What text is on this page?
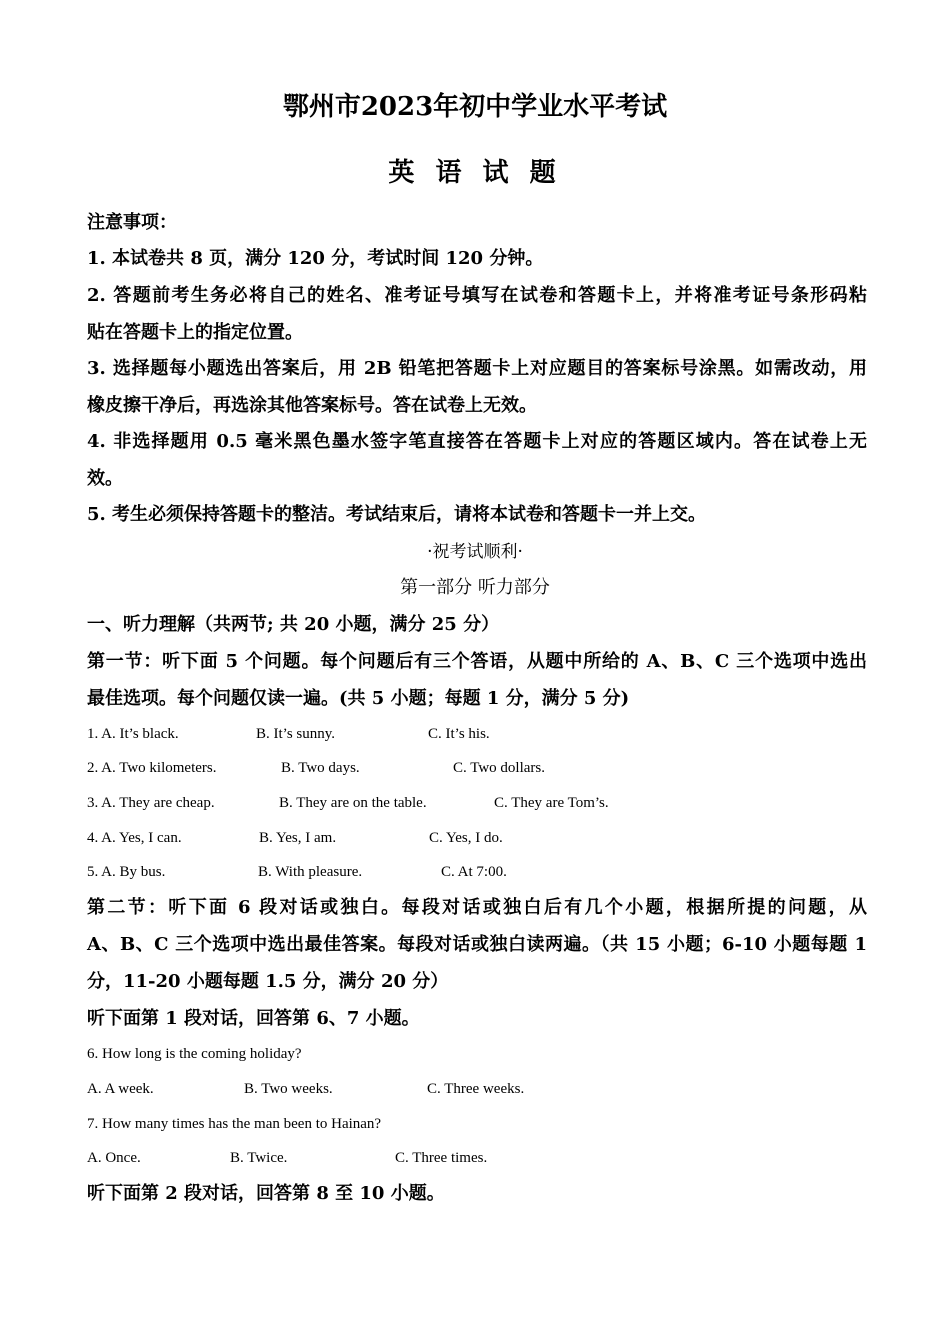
鄂州市2023年初中学业水平考试
英 语 试 题
注意事项：
1. 本试卷共 8 页，满分 120 分，考试时间 120 分钟。
2. 答题前考生务必将自己的姓名、准考证号填写在试卷和答题卡上，并将准考证号条形码粘
贴在答题卡上的指定位置。
3. 选择题每小题选出答案后，用 2B 铅笔把答题卡上对应题目的答案标号涂黑。如需改动，用
橡皮擦干净后，再选涂其他答案标号。答在试卷上无效。
4. 非选择题用 0.5 毫米黑色墨水签字笔直接答在答题卡上对应的答题区域内。答在试卷上无
效。
5. 考生必须保持答题卡的整洁。考试结束后，请将本试卷和答题卡一并上交。
·祝考试顺利·
第一部分 听力部分
一、听力理解（共两节; 共 20 小题，满分 25 分）
第一节：听下面 5 个问题。每个问题后有三个答语，从题中所给的 A、B、C 三个选项中选出
最佳选项。每个问题仅读一遍。(共 5 小题；每题 1 分，满分 5 分)
1. A. It’s black.	B. It’s sunny.	C. It’s his.
2. A. Two kilometers.	B. Two days.	C. Two dollars.
3. A. They are cheap.	B. They are on the table.	C. They are Tom’s.
4. A. Yes, I can.	B. Yes, I am.	C. Yes, I do.
5. A. By bus.	B. With pleasure.	C. At 7:00.
第二节：听下面 6 段对话或独白。每段对话或独白后有几个小题，根据所提的问题，从
A、B、C 三个选项中选出最佳答案。每段对话或独白读两遍。（共 15 小题；6-10 小题每题 1
分，11-20 小题每题 1.5 分，满分 20 分）
听下面第 1 段对话，回答第 6、7 小题。
6. How long is the coming holiday?
A. A week.	B. Two weeks.	C. Three weeks.
7. How many times has the man been to Hainan?
A. Once.	B. Twice.	C. Three times.
听下面第 2 段对话，回答第 8 至 10 小题。
